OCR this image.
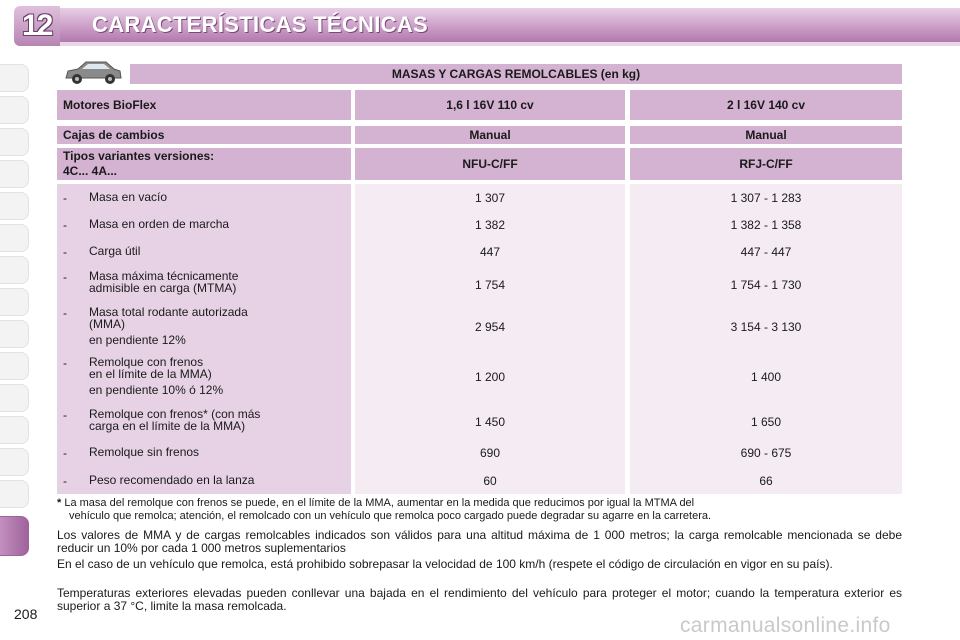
12 CARACTERÍSTICAS TÉCNICAS
208
MASAS Y CARGAS REMOLCABLES (en kg)
Motores BioFlex	1,6 l 16V 110 cv	2 l 16V 140 cv
Cajas de cambios	Manual	Manual
Tipos variantes versiones:
4C... 4A...	NFU-C/FF	RFJ-C/FF
- Masa en vacío	1 307	1 307 - 1 283
- Masa en orden de marcha	1 382	1 382 - 1 358
- Carga útil	447	447 - 447
- Masa máxima técnicamente
admisible en carga (MTMA)	1 754	1 754 - 1 730
- Masa total rodante autorizada
(MMA)
en pendiente 12%
2 954	3 154 - 3 130
- Remolque con frenos
en el límite de la MMA)
en pendiente 10% ó 12%
1 200	1 400
- Remolque con frenos* (con más
carga en el límite de la MMA)	1 450	1 650
- Remolque sin frenos	690	690 - 675
- Peso recomendado en la lanza	60	66
* La masa del remolque con frenos se puede, en el límite de la MMA, aumentar en la medida que reducimos por igual la MTMA del
vehículo que remolca; atención, el remolcado con un vehículo que remolca poco cargado puede degradar su agarre en la carretera.
Los valores de MMA y de cargas remolcables indicados son válidos para una altitud máxima de 1 000 metros; la carga remolcable mencionada se debe reducir un 10% por cada 1 000 metros suplementarios
En el caso de un vehículo que remolca, está prohibido sobrepasar la velocidad de 100 km/h (respete el código de circulación en vigor en su país).
Temperaturas exteriores elevadas pueden conllevar una bajada en el rendimiento del vehículo para proteger el motor; cuando la temperatura exterior es superior a 37 °C, limite la masa remolcada.
carmanualsonline.info
